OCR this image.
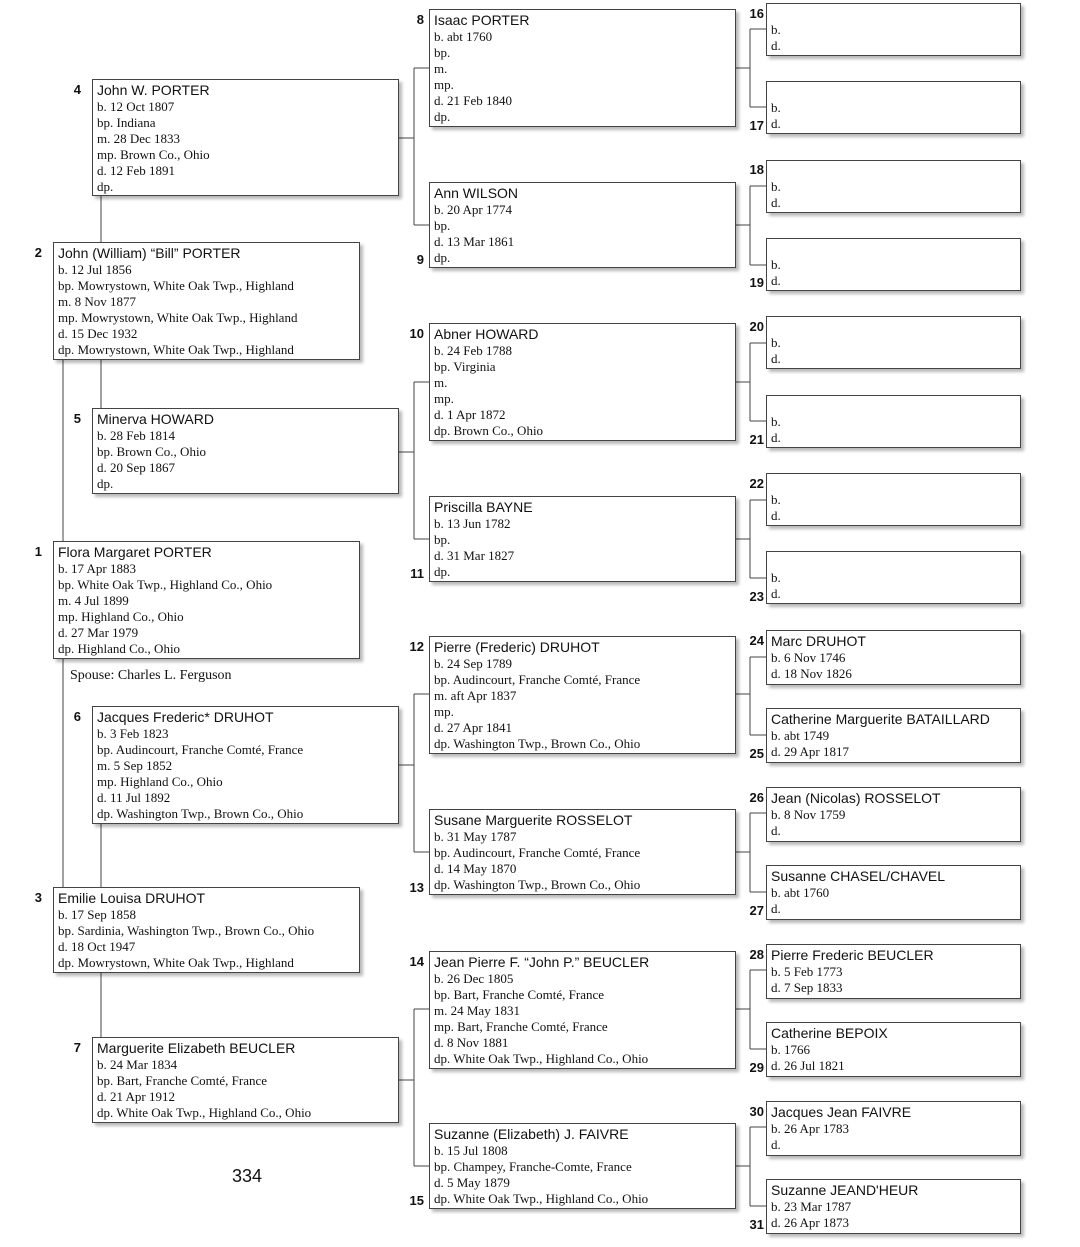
Flora Margaret PORTER
b. 17 Apr 1883
bp. White Oak Twp., Highland Co., Ohio
m. 4 Jul 1899
mp. Highland Co., Ohio
d. 27 Mar 1979
dp. Highland Co., Ohio
1
John (William) “Bill” PORTER
b. 12 Jul 1856
bp. Mowrystown, White Oak Twp., Highland
m. 8 Nov 1877
mp. Mowrystown, White Oak Twp., Highland
d. 15 Dec 1932
dp. Mowrystown, White Oak Twp., Highland
2
Emilie Louisa DRUHOT
b. 17 Sep 1858
bp. Sardinia, Washington Twp., Brown Co., Ohio
d. 18 Oct 1947
dp. Mowrystown, White Oak Twp., Highland
3
John W. PORTER
b. 12 Oct 1807
bp. Indiana
m. 28 Dec 1833
mp. Brown Co., Ohio
d. 12 Feb 1891
dp.
4
Minerva HOWARD
b. 28 Feb 1814
bp. Brown Co., Ohio
d. 20 Sep 1867
dp.
5
Jacques Frederic* DRUHOT
b. 3 Feb 1823
bp. Audincourt, Franche Comté, France
m. 5 Sep 1852
mp. Highland Co., Ohio
d. 11 Jul 1892
dp. Washington Twp., Brown Co., Ohio
6
Marguerite Elizabeth BEUCLER
b. 24 Mar 1834
bp. Bart, Franche Comté, France
d. 21 Apr 1912
dp. White Oak Twp., Highland Co., Ohio
7
Isaac PORTER
b. abt 1760
bp.
m.
mp.
d. 21 Feb 1840
dp.
8
Ann WILSON
b. 20 Apr 1774
bp.
d. 13 Mar 1861
dp.
9
Abner HOWARD
b. 24 Feb 1788
bp. Virginia
m.
mp.
d. 1 Apr 1872
dp. Brown Co., Ohio
10
Priscilla BAYNE
b. 13 Jun 1782
bp.
d. 31 Mar 1827
dp.
11
Pierre (Frederic) DRUHOT
b. 24 Sep 1789
bp. Audincourt, Franche Comté, France
m. aft Apr 1837
mp.
d. 27 Apr 1841
dp. Washington Twp., Brown Co., Ohio
12
Susane Marguerite ROSSELOT
b. 31 May 1787
bp. Audincourt, Franche Comté, France
d. 14 May 1870
dp. Washington Twp., Brown Co., Ohio
13
Jean Pierre F. “John P.” BEUCLER
b. 26 Dec 1805
bp. Bart, Franche Comté, France
m. 24 May 1831
mp. Bart, Franche Comté, France
d. 8 Nov 1881
dp. White Oak Twp., Highland Co., Ohio
14
Suzanne (Elizabeth) J. FAIVRE
b. 15 Jul 1808
bp. Champey, Franche-Comte, France
d. 5 May 1879
dp. White Oak Twp., Highland Co., Ohio
15
b.
d.
16
b.
d.
17
b.
d.
18
b.
d.
19
b.
d.
20
b.
d.
21
b.
d.
22
b.
d.
23
Marc DRUHOT
b. 6 Nov 1746
d. 18 Nov 1826
24
Catherine Marguerite BATAILLARD
b. abt 1749
d. 29 Apr 1817
25
Jean (Nicolas) ROSSELOT
b. 8 Nov 1759
d.
26
Susanne CHASEL/CHAVEL
b. abt 1760
d.
27
Pierre Frederic BEUCLER
b. 5 Feb 1773
d. 7 Sep 1833
28
Catherine BEPOIX
b. 1766
d. 26 Jul 1821
29
Jacques Jean FAIVRE
b. 26 Apr 1783
d.
30
Suzanne JEAND'HEUR
b. 23 Mar 1787
d. 26 Apr 1873
31
Spouse: Charles L. Ferguson
334
